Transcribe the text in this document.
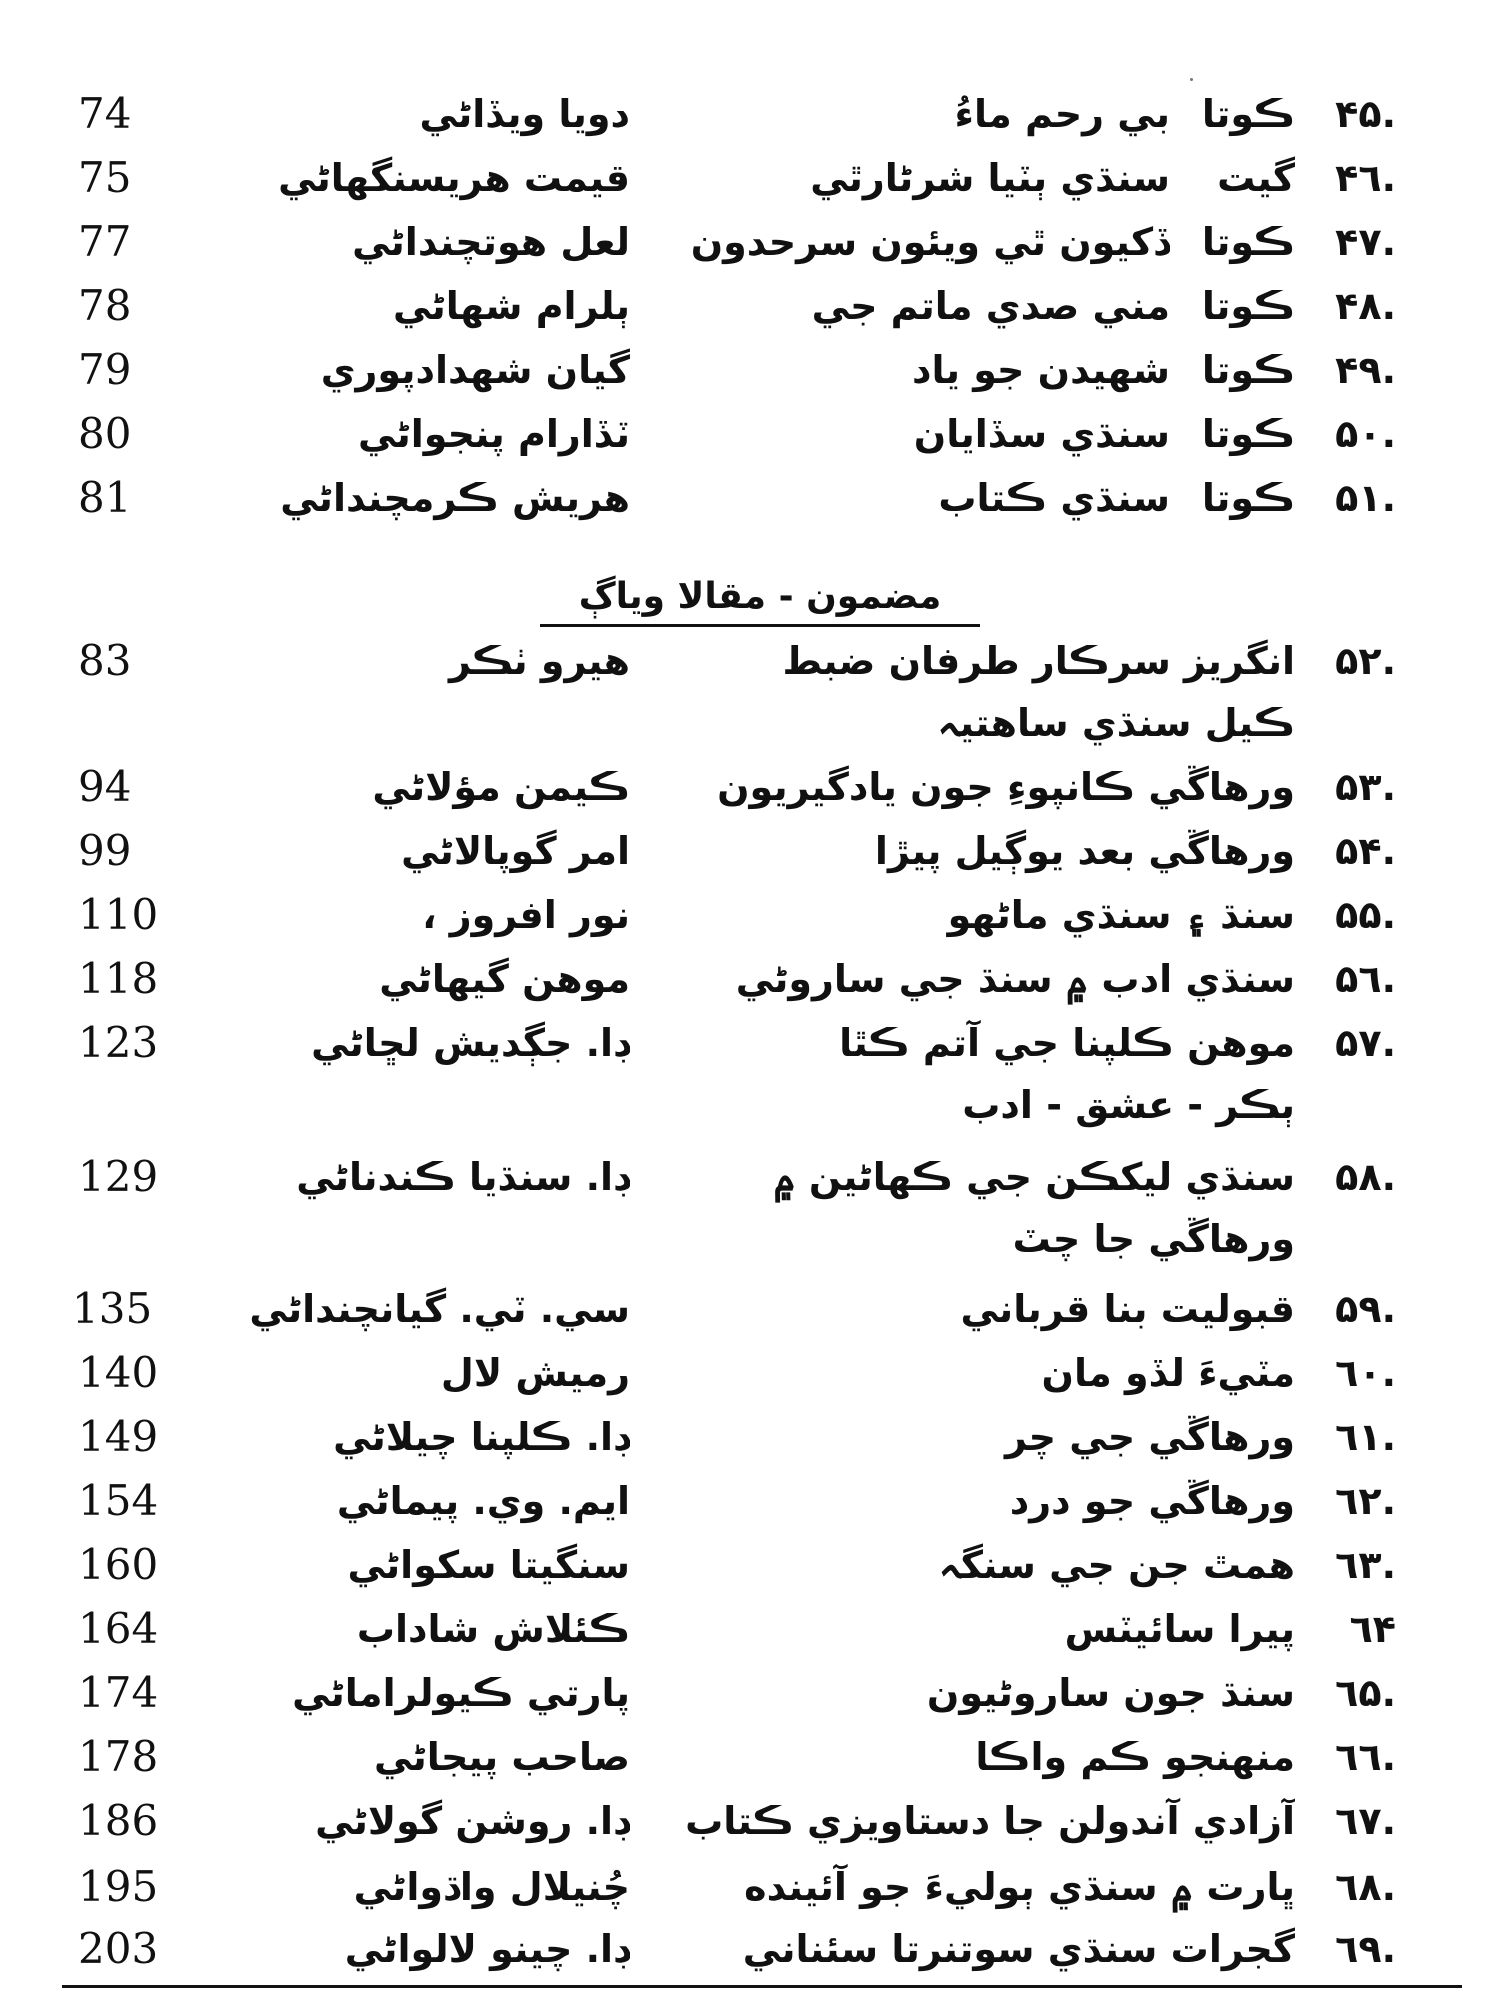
.۴۵
ڪوتا
بي رحم ماءُ
دويا ويڏاڻي
74
.۴٦
گيت
سنڌي ٻٽيا شرڻارٿي
قيمت هريسنگهاڻي
75
.۴۷
ڪوتا
ڏکيون ٿي ويئون سرحدون
لعل هوتچنداڻي
77
.۴۸
ڪوتا
مني صدي ماتم جي
ٻلرام شهاڻي
78
.۴۹
ڪوتا
شهيدن جو ياد
گيان شهدادپوري
79
.۵۰
ڪوتا
سنڌي سڏايان
ٽڏارام پنجواڻي
80
.۵۱
ڪوتا
سنڌي ڪتاب
هريش ڪرمچنداڻي
81
مضمون - مقالا وياڳ
.۵۲
انگريز سرڪار طرفان ضبط
هيرو ٺڪر
83
ڪيل سنڌي ساهتيہ
.۵۳
ورهاڱي ڪانپوءِ جون يادگيريون
ڪيمن مؤلاڻي
94
.۵۴
ورهاڱي بعد يوڳيل پيڙا
امر گوپالاڻي
99
.۵۵
سنڌ ۽ سنڌي ماڻهو
نور افروز ،
110
.۵٦
سنڌي ادب ۾ سنڌ جي ساروڻي
موهن گيهاڻي
118
.۵۷
موهن ڪلپنا جي آتم ڪٿا
ڊا. جڳديش لڇاڻي
123
ٻڪر - عشق - ادب
.۵۸
سنڌي ليکڪن جي ڪهاڻين ۾
ڊا. سنڌيا ڪندناڻي
129
ورهاڱي جا چٽ
.۵۹
قبوليت بنا قرباني
سي. ٽي. گيانچنداڻي
135
.٦۰
مٽيءَ لڏو مان
رميش لال
140
.٦١
ورهاڱي جي چر
ڊا. ڪلپنا چيلاڻي
149
.٦٢
ورهاڱي جو درد
ايم. وي. پيماڻي
154
.٦٣
همٿ جن جي سنگہ
سنگيتا سکواڻي
160
٦۴
پيرا سائيٽس
ڪئلاش شاداب
164
.٦۵
سنڌ جون ساروڻيون
پارتي ڪيولراماڻي
174
.٦٦
منهنجو ڪم واڪا
صاحب پيجاڻي
178
.٦۷
آزادي آندولن جا دستاويزي ڪتاب
ڊا. روشن گولاڻي
186
.٦۸
ڀارت ۾ سنڌي ٻوليءَ جو آئينده
چُنيلال واڌواڻي
195
.٦۹
گجرات سنڌي سوتنرتا سئناني
ڊا. چينو لالواڻي
203
